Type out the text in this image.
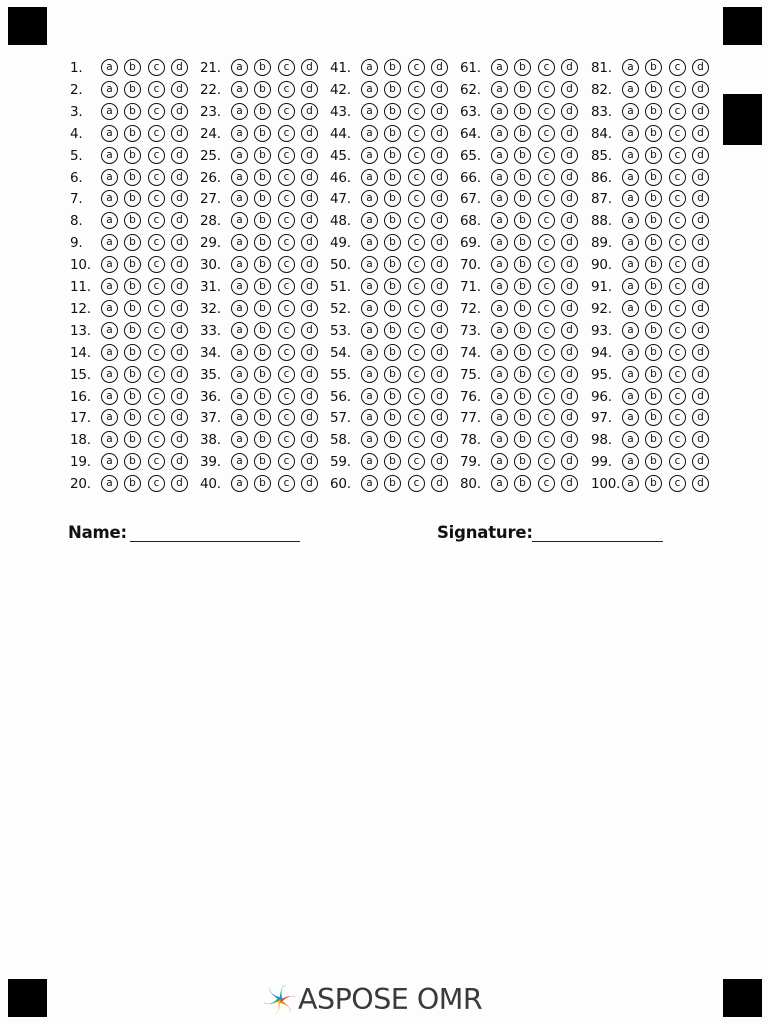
1.	a	b	c	d
2.	a	b	c	d
3.	a	b	c	d
4.	a	b	c	d
5.	a	b	c	d
6.	a	b	c	d
7.	a	b	c	d
8.	a	b	c	d
9.	a	b	c	d
10.	a	b	c	d
11.	a	b	c	d
12.	a	b	c	d
13.	a	b	c	d
14.	a	b	c	d
15.	a	b	c	d
16.	a	b	c	d
17.	a	b	c	d
18.	a	b	c	d
19.	a	b	c	d
20.	a	b	c	d
21.	a	b	c	d
22.	a	b	c	d
23.	a	b	c	d
24.	a	b	c	d
25.	a	b	c	d
26.	a	b	c	d
27.	a	b	c	d
28.	a	b	c	d
29.	a	b	c	d
30.	a	b	c	d
31.	a	b	c	d
32.	a	b	c	d
33.	a	b	c	d
34.	a	b	c	d
35.	a	b	c	d
36.	a	b	c	d
37.	a	b	c	d
38.	a	b	c	d
39.	a	b	c	d
40.	a	b	c	d
41.	a	b	c	d
42.	a	b	c	d
43.	a	b	c	d
44.	a	b	c	d
45.	a	b	c	d
46.	a	b	c	d
47.	a	b	c	d
48.	a	b	c	d
49.	a	b	c	d
50.	a	b	c	d
51.	a	b	c	d
52.	a	b	c	d
53.	a	b	c	d
54.	a	b	c	d
55.	a	b	c	d
56.	a	b	c	d
57.	a	b	c	d
58.	a	b	c	d
59.	a	b	c	d
60.	a	b	c	d
61.	a	b	c	d
62.	a	b	c	d
63.	a	b	c	d
64.	a	b	c	d
65.	a	b	c	d
66.	a	b	c	d
67.	a	b	c	d
68.	a	b	c	d
69.	a	b	c	d
70.	a	b	c	d
71.	a	b	c	d
72.	a	b	c	d
73.	a	b	c	d
74.	a	b	c	d
75.	a	b	c	d
76.	a	b	c	d
77.	a	b	c	d
78.	a	b	c	d
79.	a	b	c	d
80.	a	b	c	d
81.	a	b	c	d
82.	a	b	c	d
83.	a	b	c	d
84.	a	b	c	d
85.	a	b	c	d
86.	a	b	c	d
87.	a	b	c	d
88.	a	b	c	d
89.	a	b	c	d
90.	a	b	c	d
91.	a	b	c	d
92.	a	b	c	d
93.	a	b	c	d
94.	a	b	c	d
95.	a	b	c	d
96.	a	b	c	d
97.	a	b	c	d
98.	a	b	c	d
99.	a	b	c	d
100. a	b	c	d
Name:	Signature:
ASPOSE OMR
